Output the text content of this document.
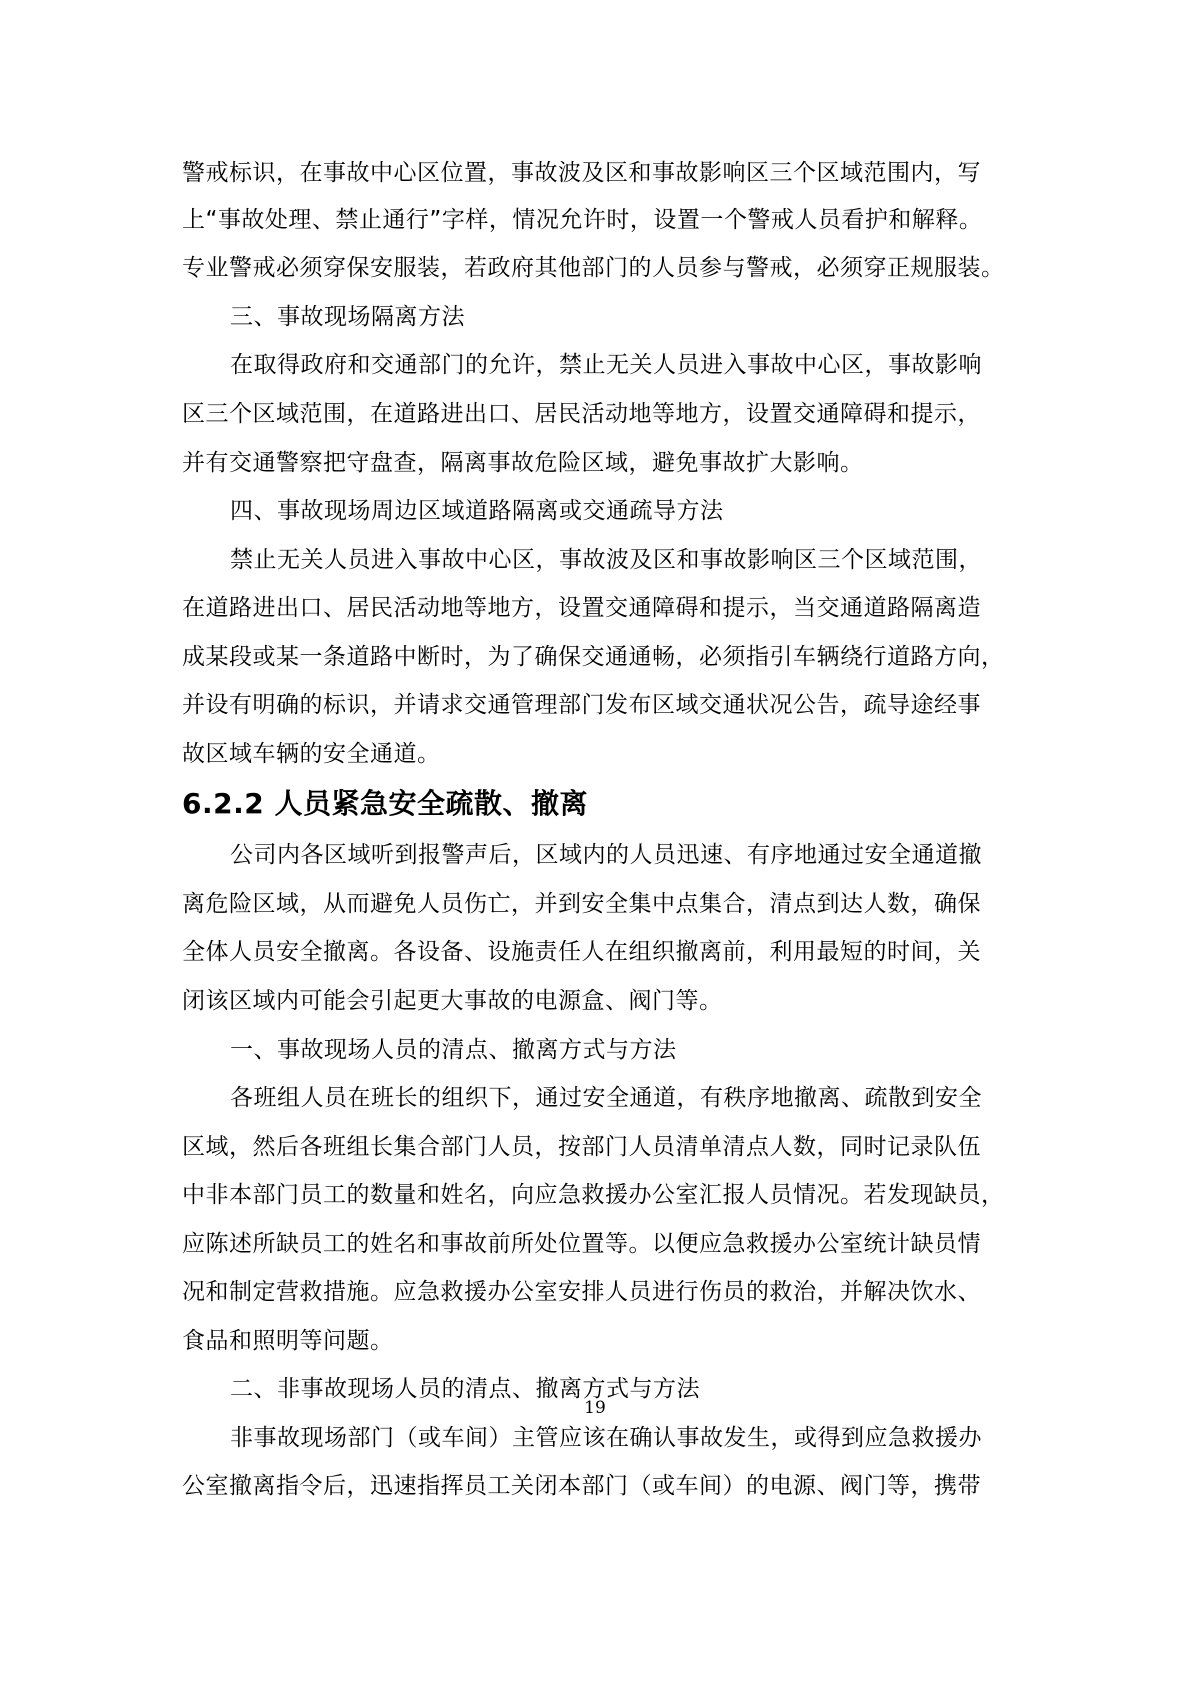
警戒标识，在事故中心区位置，事故波及区和事故影响区三个区域范围内，写
上“事故处理、禁止通行”字样，情况允许时，设置一个警戒人员看护和解释。
专业警戒必须穿保安服装，若政府其他部门的人员参与警戒，必须穿正规服装。
三、事故现场隔离方法
在取得政府和交通部门的允许，禁止无关人员进入事故中心区，事故影响
区三个区域范围，在道路进出口、居民活动地等地方，设置交通障碍和提示，
并有交通警察把守盘查，隔离事故危险区域，避免事故扩大影响。
四、事故现场周边区域道路隔离或交通疏导方法
禁止无关人员进入事故中心区，事故波及区和事故影响区三个区域范围，
在道路进出口、居民活动地等地方，设置交通障碍和提示，当交通道路隔离造
成某段或某一条道路中断时，为了确保交通通畅，必须指引车辆绕行道路方向，
并设有明确的标识，并请求交通管理部门发布区域交通状况公告，疏导途经事
故区域车辆的安全通道。
6.2.2 人员紧急安全疏散、撤离
公司内各区域听到报警声后，区域内的人员迅速、有序地通过安全通道撤
离危险区域，从而避免人员伤亡，并到安全集中点集合，清点到达人数，确保
全体人员安全撤离。各设备、设施责任人在组织撤离前，利用最短的时间，关
闭该区域内可能会引起更大事故的电源盒、阀门等。
一、事故现场人员的清点、撤离方式与方法
各班组人员在班长的组织下，通过安全通道，有秩序地撤离、疏散到安全
区域，然后各班组长集合部门人员，按部门人员清单清点人数，同时记录队伍
中非本部门员工的数量和姓名，向应急救援办公室汇报人员情况。若发现缺员，
应陈述所缺员工的姓名和事故前所处位置等。以便应急救援办公室统计缺员情
况和制定营救措施。应急救援办公室安排人员进行伤员的救治，并解决饮水、
食品和照明等问题。
二、非事故现场人员的清点、撤离方式与方法
19
非事故现场部门（或车间）主管应该在确认事故发生，或得到应急救援办
公室撤离指令后，迅速指挥员工关闭本部门（或车间）的电源、阀门等，携带
